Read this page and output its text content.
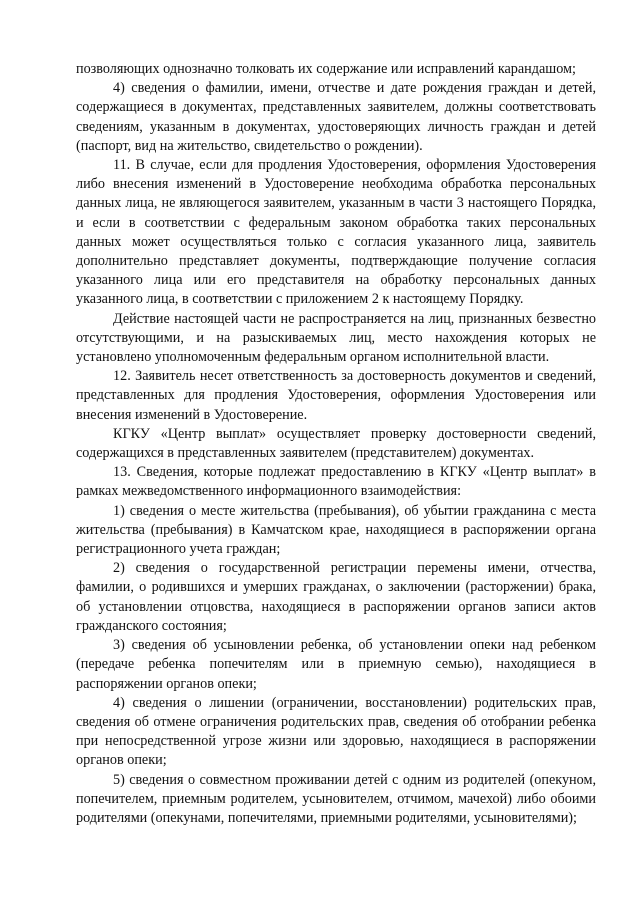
позволяющих однозначно толковать их содержание или исправлений карандашом;

4) сведения о фамилии, имени, отчестве и дате рождения граждан и детей, содержащиеся в документах, представленных заявителем, должны соответствовать сведениям, указанным в документах, удостоверяющих личность граждан и детей (паспорт, вид на жительство, свидетельство о рождении).

11. В случае, если для продления Удостоверения, оформления Удостоверения либо внесения изменений в Удостоверение необходима обработка персональных данных лица, не являющегося заявителем, указанным в части 3 настоящего Порядка, и если в соответствии с федеральным законом обработка таких персональных данных может осуществляться только с согласия указанного лица, заявитель дополнительно представляет документы, подтверждающие получение согласия указанного лица или его представителя на обработку персональных данных указанного лица, в соответствии с приложением 2 к настоящему Порядку.

Действие настоящей части не распространяется на лиц, признанных безвестно отсутствующими, и на разыскиваемых лиц, место нахождения которых не установлено уполномоченным федеральным органом исполнительной власти.

12. Заявитель несет ответственность за достоверность документов и сведений, представленных для продления Удостоверения, оформления Удостоверения или внесения изменений в Удостоверение.

КГКУ «Центр выплат» осуществляет проверку достоверности сведений, содержащихся в представленных заявителем (представителем) документах.

13. Сведения, которые подлежат предоставлению в КГКУ «Центр выплат» в рамках межведомственного информационного взаимодействия:

1) сведения о месте жительства (пребывания), об убытии гражданина с места жительства (пребывания) в Камчатском крае, находящиеся в распоряжении органа регистрационного учета граждан;

2) сведения о государственной регистрации перемены имени, отчества, фамилии, о родившихся и умерших гражданах, о заключении (расторжении) брака, об установлении отцовства, находящиеся в распоряжении органов записи актов гражданского состояния;

3) сведения об усыновлении ребенка, об установлении опеки над ребенком (передаче ребенка попечителям или в приемную семью), находящиеся в распоряжении органов опеки;

4) сведения о лишении (ограничении, восстановлении) родительских прав, сведения об отмене ограничения родительских прав, сведения об отобрании ребенка при непосредственной угрозе жизни или здоровью, находящиеся в распоряжении органов опеки;

5) сведения о совместном проживании детей с одним из родителей (опекуном, попечителем, приемным родителем, усыновителем, отчимом, мачехой) либо обоими родителями (опекунами, попечителями, приемными родителями, усыновителями);
